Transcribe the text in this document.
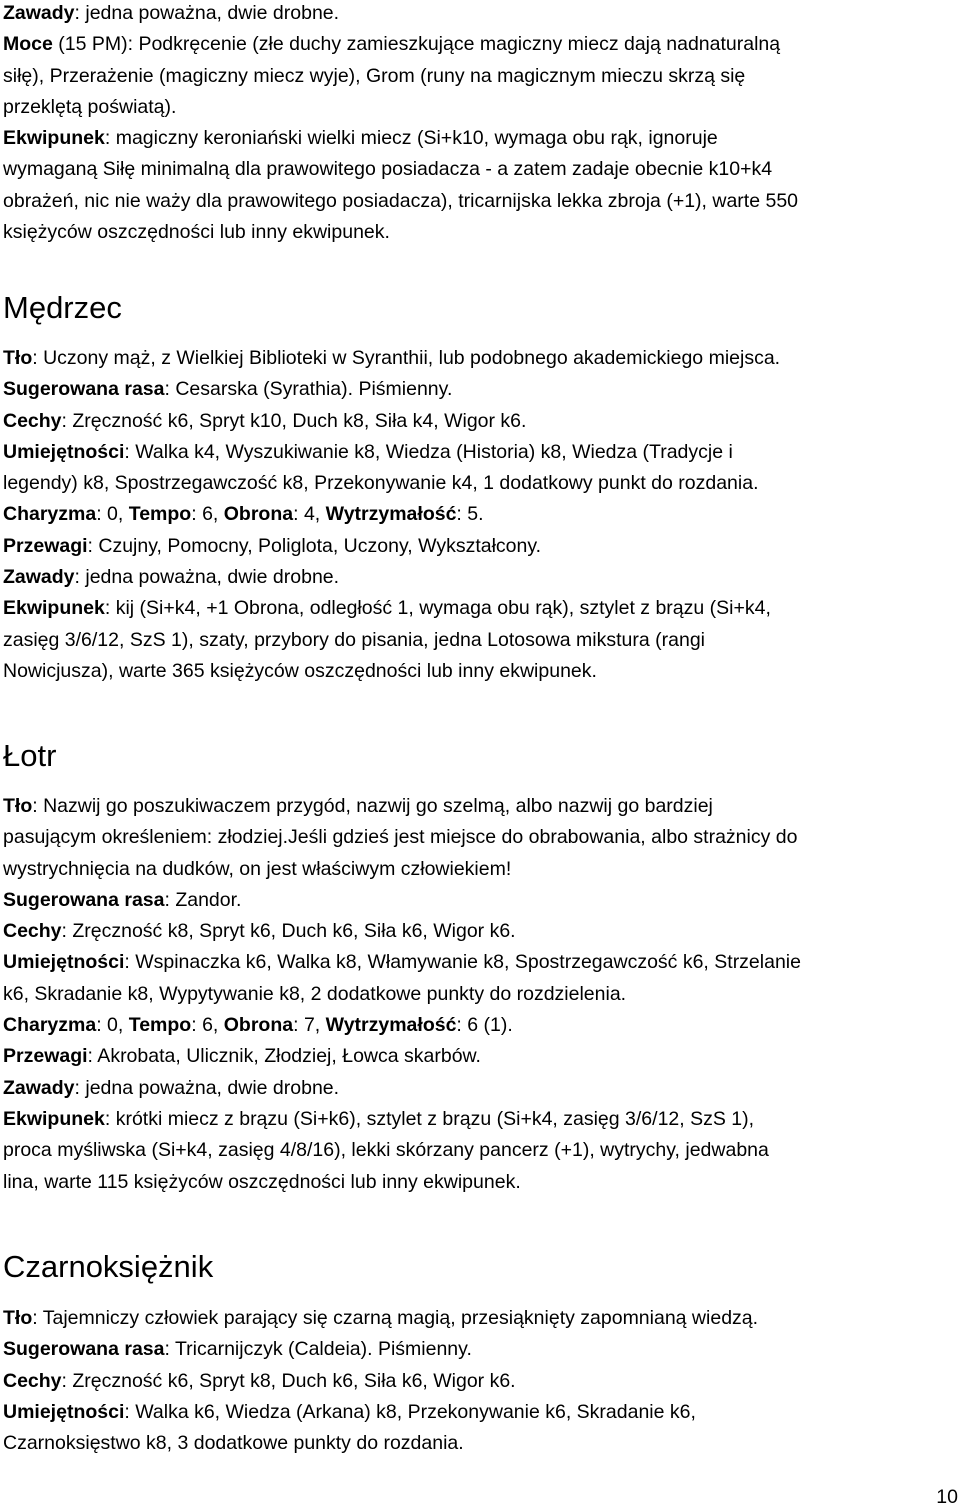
Zawady: jedna poważna, dwie drobne.

Moce (15 PM): Podkręcenie (złe duchy zamieszkujące magiczny miecz dają nadnaturalną

siłę), Przerażenie (magiczny miecz wyje), Grom (runy na magicznym mieczu skrzą się

przeklętą poświatą).

Ekwipunek: magiczny keroniański wielki miecz (Si+k10, wymaga obu rąk, ignoruje

wymaganą Siłę minimalną dla prawowitego posiadacza - a zatem zadaje obecnie k10+k4

obrażeń, nic nie waży dla prawowitego posiadacza), tricarnijska lekka zbroja (+1), warte 550

księżyców oszczędności lub inny ekwipunek.

Mędrzec

Tło: Uczony mąż, z Wielkiej Biblioteki w Syranthii, lub podobnego akademickiego miejsca.

Sugerowana rasa: Cesarska (Syrathia). Piśmienny.

Cechy: Zręczność k6, Spryt k10, Duch k8, Siła k4, Wigor k6.

Umiejętności: Walka k4, Wyszukiwanie k8, Wiedza (Historia) k8, Wiedza (Tradycje i

legendy) k8, Spostrzegawczość k8, Przekonywanie k4, 1 dodatkowy punkt do rozdania.

Charyzma: 0, Tempo: 6, Obrona: 4, Wytrzymałość: 5.

Przewagi: Czujny, Pomocny, Poliglota, Uczony, Wykształcony.

Zawady: jedna poważna, dwie drobne.

Ekwipunek: kij (Si+k4, +1 Obrona, odległość 1, wymaga obu rąk), sztylet z brązu (Si+k4,

zasięg 3/6/12, SzS 1), szaty, przybory do pisania, jedna Lotosowa mikstura (rangi

Nowicjusza), warte 365 księżyców oszczędności lub inny ekwipunek.

Łotr

Tło: Nazwij go poszukiwaczem przygód, nazwij go szelmą, albo nazwij go bardziej

pasującym określeniem: złodziej.Jeśli gdzieś jest miejsce do obrabowania, albo strażnicy do

wystrychnięcia na dudków, on jest właściwym człowiekiem!

Sugerowana rasa: Zandor.

Cechy: Zręczność k8, Spryt k6, Duch k6, Siła k6, Wigor k6.

Umiejętności: Wspinaczka k6, Walka k8, Włamywanie k8, Spostrzegawczość k6, Strzelanie

k6, Skradanie k8, Wypytywanie k8, 2 dodatkowe punkty do rozdzielenia.

Charyzma: 0, Tempo: 6, Obrona: 7, Wytrzymałość: 6 (1).

Przewagi: Akrobata, Ulicznik, Złodziej, Łowca skarbów.

Zawady: jedna poważna, dwie drobne.

Ekwipunek: krótki miecz z brązu (Si+k6), sztylet z brązu (Si+k4, zasięg 3/6/12, SzS 1),

proca myśliwska (Si+k4, zasięg 4/8/16), lekki skórzany pancerz (+1), wytrychy, jedwabna

lina, warte 115 księżyców oszczędności lub inny ekwipunek.

Czarnoksiężnik

Tło: Tajemniczy człowiek parający się czarną magią, przesiąknięty zapomnianą wiedzą.

Sugerowana rasa: Tricarnijczyk (Caldeia). Piśmienny.

Cechy: Zręczność k6, Spryt k8, Duch k6, Siła k6, Wigor k6.

Umiejętności: Walka k6, Wiedza (Arkana) k8, Przekonywanie k6, Skradanie k6,

Czarnoksięstwo k8, 3 dodatkowe punkty do rozdania.

10
